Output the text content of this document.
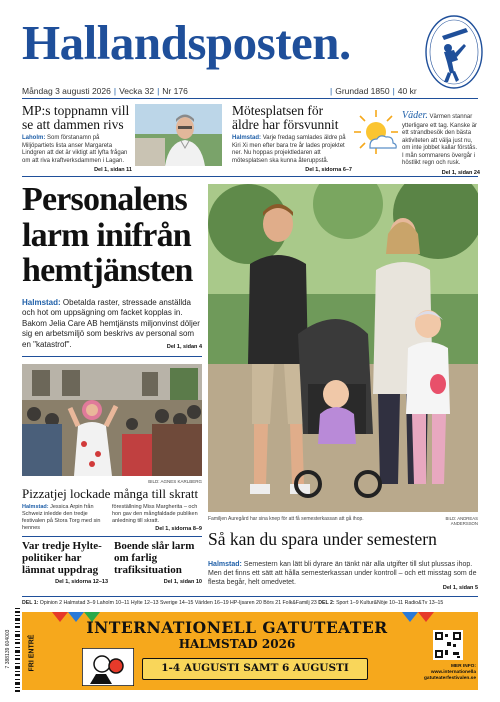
Hallandsposten.
Måndag 3 augusti 2026 | Vecka 32 | Nr 176	| Grundad 1850 | 40 kr
MP:s toppnamn vill se att dammen rivs
Laholm: Som förstanamn på Miljöpartiets lista anser Margareta Lindgren att det är viktigt att lyfta frågan om att riva kraftverksdammen i Lagan.
Del 1, sidan 11
Mötesplatsen för äldre har försvunnit
Halmstad: Varje fredag samlades äldre på Kiri Xi men efter bara tre år lades projektet ner. Nu hoppas projektledaren att mötesplatsen ska kunna återuppstå.
Del 1, sidorna 6–7
Väder. Värmen stannar ytterligare ett tag. Kanske är ett strandbesök den bästa aktiviteten att välja just nu, om inte jobbet kallar förstås. I mån sommarens övergår i höstlikt regn och rusk.
Del 1, sidan 24
Personalens larm inifrån hemtjänsten
Halmstad: Obetalda raster, stressade anställda och hot om uppsägning om facket kopplas in. Bakom Jelia Care AB hemtjänsts miljonvinst döljer sig en arbetsmiljö som beskrivs av personal som en "katastrof".	Del 1, sidan 4
BILD: AGNES KARLBERG
Pizzatjej lockade många till skratt
Halmstad: Jessica Arpin från Schweiz inledde den tredje festivalen på Stora Torg med sin hennes
föreställning Miss Margherita – och hon gav den mångfaldade publiken anledning till skratt.
Del 1, sidorna 8–9
Var tredje Hylte-politiker har lämnat uppdrag
Del 1, sidorna 12–13
Boende slår larm om farlig trafiksituation
Del 1, sidan 10
Familjen Auregård har sina knep för att få semesterkassan att gå ihop.	BILD: ANDREAS ANDERSSON
Så kan du spara under semestern
Halmstad: Semestern kan lätt bli dyrare än tänkt när alla utgifter till slut plussas ihop. Men det finns ett sätt att hålla semesterkassan under kontroll – och ett misstag som de flesta begår, helt omedvetet.
Del 1, sidan 5
DEL 1: Opinion 2 Halmstad 3–9 Laholm 10–11 Hylte 12–13 Sverige 14–15 Världen 16–19 HP-Ijsaren 20 Börs 21 Folk&Familj 23 DEL 2: Sport 1–9 Kultur&Nöje 10–11 Radio&Tv 13–15
7 388139 604003	FRI ENTRÉ
INTERNATIONELL GATUTEATER
HALMSTAD 2026
1-4 AUGUSTI SAMT 6 AUGUSTI	MER INFO:
www.internationella
gatuteaterfestivalen.se
